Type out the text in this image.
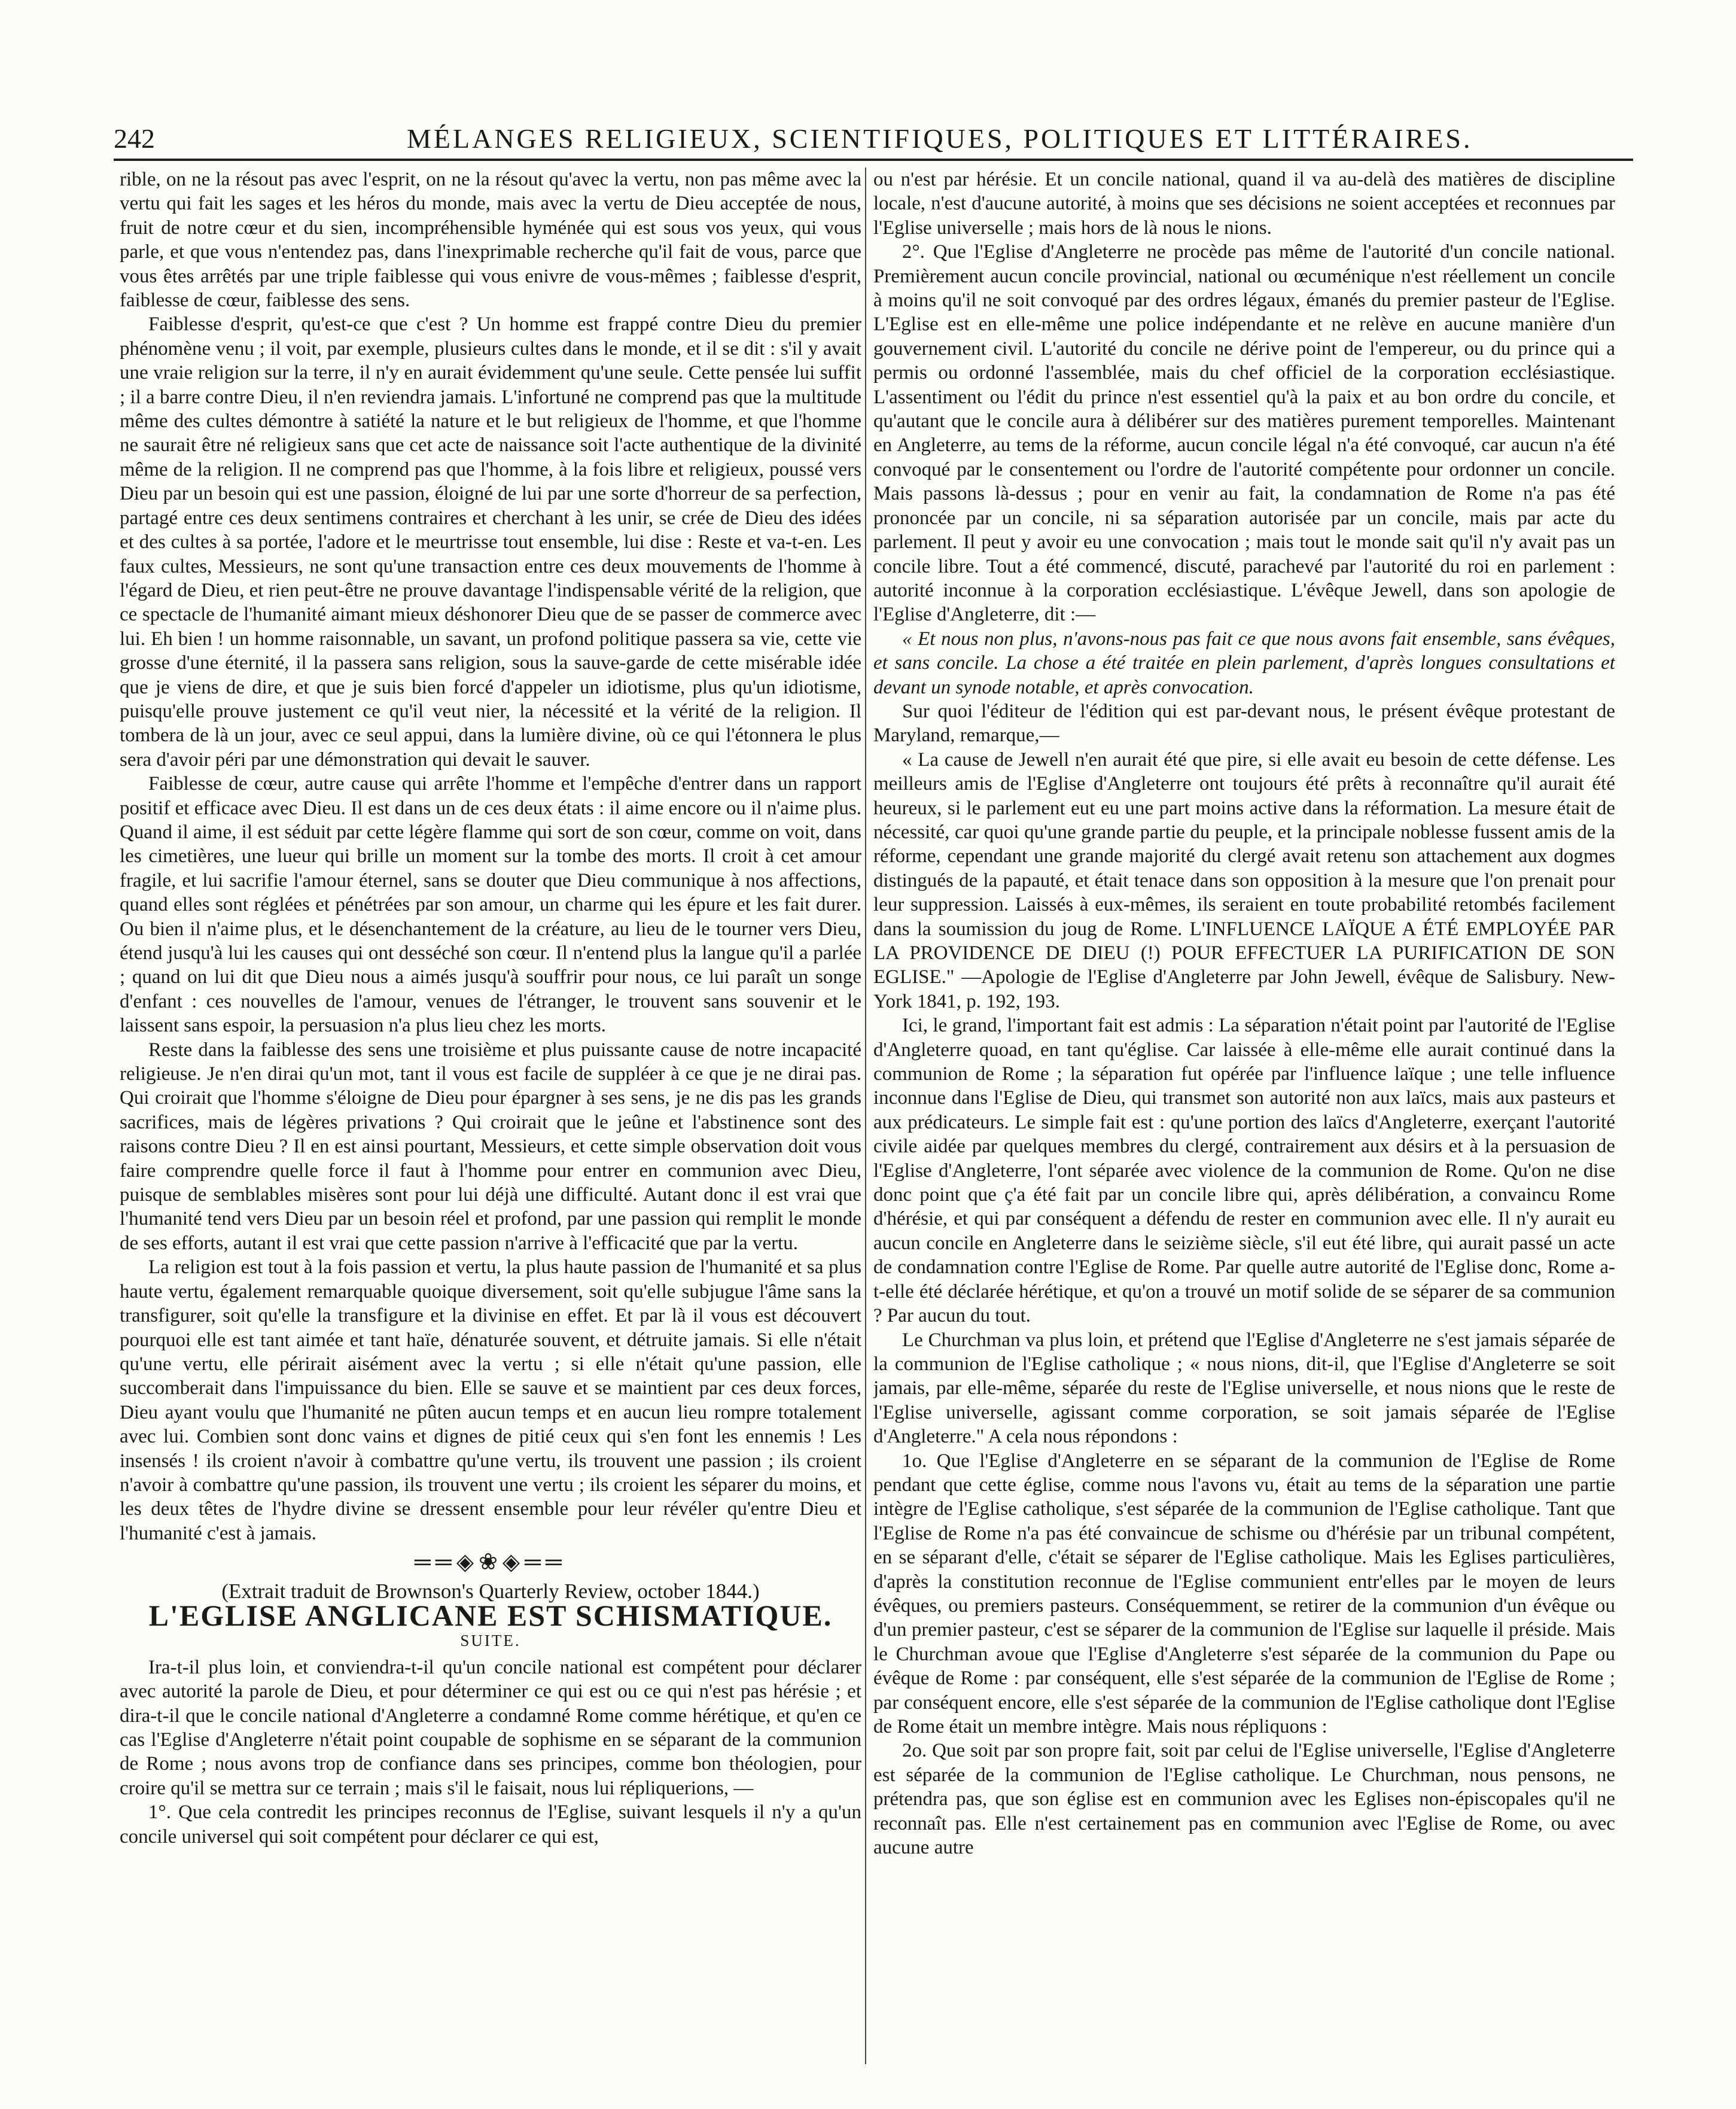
242	MÉLANGES RELIGIEUX, SCIENTIFIQUES, POLITIQUES ET LITTÉRAIRES.

rible, on ne la résout pas avec l'esprit, on ne la résout qu'avec la vertu, non pas même avec la vertu qui fait les sages et les héros du monde, mais avec la vertu de Dieu acceptée de nous, fruit de notre cœur et du sien, incompréhensible hyménée qui est sous vos yeux, qui vous parle, et que vous n'entendez pas, dans l'inexprimable recherche qu'il fait de vous, parce que vous êtes arrêtés par une triple faiblesse qui vous enivre de vous-mêmes ; faiblesse d'esprit, faiblesse de cœur, faiblesse des sens.

Faiblesse d'esprit, qu'est-ce que c'est ? Un homme est frappé contre Dieu du premier phénomène venu ; il voit, par exemple, plusieurs cultes dans le monde, et il se dit : s'il y avait une vraie religion sur la terre, il n'y en aurait évidemment qu'une seule. Cette pensée lui suffit ; il a barre contre Dieu, il n'en reviendra jamais. L'infortuné ne comprend pas que la multitude même des cultes démontre à satiété la nature et le but religieux de l'homme, et que l'homme ne saurait être né religieux sans que cet acte de naissance soit l'acte authentique de la divinité même de la religion. Il ne comprend pas que l'homme, à la fois libre et religieux, poussé vers Dieu par un besoin qui est une passion, éloigné de lui par une sorte d'horreur de sa perfection, partagé entre ces deux sentimens contraires et cherchant à les unir, se crée de Dieu des idées et des cultes à sa portée, l'adore et le meurtrisse tout ensemble, lui dise : Reste et va-t-en. Les faux cultes, Messieurs, ne sont qu'une transaction entre ces deux mouvements de l'homme à l'égard de Dieu, et rien peut-être ne prouve davantage l'indispensable vérité de la religion, que ce spectacle de l'humanité aimant mieux déshonorer Dieu que de se passer de commerce avec lui. Eh bien ! un homme raisonnable, un savant, un profond politique passera sa vie, cette vie grosse d'une éternité, il la passera sans religion, sous la sauve-garde de cette misérable idée que je viens de dire, et que je suis bien forcé d'appeler un idiotisme, plus qu'un idiotisme, puisqu'elle prouve justement ce qu'il veut nier, la nécessité et la vérité de la religion. Il tombera de là un jour, avec ce seul appui, dans la lumière divine, où ce qui l'étonnera le plus sera d'avoir péri par une démonstration qui devait le sauver.

Faiblesse de cœur, autre cause qui arrête l'homme et l'empêche d'entrer dans un rapport positif et efficace avec Dieu. Il est dans un de ces deux états : il aime encore ou il n'aime plus. Quand il aime, il est séduit par cette légère flamme qui sort de son cœur, comme on voit, dans les cimetières, une lueur qui brille un moment sur la tombe des morts. Il croit à cet amour fragile, et lui sacrifie l'amour éternel, sans se douter que Dieu communique à nos affections, quand elles sont réglées et pénétrées par son amour, un charme qui les épure et les fait durer. Ou bien il n'aime plus, et le désenchantement de la créature, au lieu de le tourner vers Dieu, étend jusqu'à lui les causes qui ont desséché son cœur. Il n'entend plus la langue qu'il a parlée ; quand on lui dit que Dieu nous a aimés jusqu'à souffrir pour nous, ce lui paraît un songe d'enfant : ces nouvelles de l'amour, venues de l'étranger, le trouvent sans souvenir et le laissent sans espoir, la persuasion n'a plus lieu chez les morts.

Reste dans la faiblesse des sens une troisième et plus puissante cause de notre incapacité religieuse. Je n'en dirai qu'un mot, tant il vous est facile de suppléer à ce que je ne dirai pas. Qui croirait que l'homme s'éloigne de Dieu pour épargner à ses sens, je ne dis pas les grands sacrifices, mais de légères privations ? Qui croirait que le jeûne et l'abstinence sont des raisons contre Dieu ? Il en est ainsi pourtant, Messieurs, et cette simple observation doit vous faire comprendre quelle force il faut à l'homme pour entrer en communion avec Dieu, puisque de semblables misères sont pour lui déjà une difficulté. Autant donc il est vrai que l'humanité tend vers Dieu par un besoin réel et profond, par une passion qui remplit le monde de ses efforts, autant il est vrai que cette passion n'arrive à l'efficacité que par la vertu.

La religion est tout à la fois passion et vertu, la plus haute passion de l'humanité et sa plus haute vertu, également remarquable quoique diversement, soit qu'elle subjugue l'âme sans la transfigurer, soit qu'elle la transfigure et la divinise en effet. Et par là il vous est découvert pourquoi elle est tant aimée et tant haïe, dénaturée souvent, et détruite jamais. Si elle n'était qu'une vertu, elle périrait aisément avec la vertu ; si elle n'était qu'une passion, elle succomberait dans l'impuissance du bien. Elle se sauve et se maintient par ces deux forces, Dieu ayant voulu que l'humanité ne pûten aucun temps et en aucun lieu rompre totalement avec lui. Combien sont donc vains et dignes de pitié ceux qui s'en font les ennemis ! Les insensés ! ils croient n'avoir à combattre qu'une vertu, ils trouvent une passion ; ils croient n'avoir à combattre qu'une passion, ils trouvent une vertu ; ils croient les séparer du moins, et les deux têtes de l'hydre divine se dressent ensemble pour leur révéler qu'entre Dieu et l'humanité c'est à jamais.

══◈❀◈══
(Extrait traduit de Brownson's Quarterly Review, october 1844.)
L'EGLISE ANGLICANE EST SCHISMATIQUE.
SUITE.

Ira-t-il plus loin, et conviendra-t-il qu'un concile national est compétent pour déclarer avec autorité la parole de Dieu, et pour déterminer ce qui est ou ce qui n'est pas hérésie ; et dira-t-il que le concile national d'Angleterre a condamné Rome comme hérétique, et qu'en ce cas l'Eglise d'Angleterre n'était point coupable de sophisme en se séparant de la communion de Rome ; nous avons trop de confiance dans ses principes, comme bon théologien, pour croire qu'il se mettra sur ce terrain ; mais s'il le faisait, nous lui répliquerions, —

1°. Que cela contredit les principes reconnus de l'Eglise, suivant lesquels il n'y a qu'un concile universel qui soit compétent pour déclarer ce qui est,

ou n'est par hérésie. Et un concile national, quand il va au-delà des matières de discipline locale, n'est d'aucune autorité, à moins que ses décisions ne soient acceptées et reconnues par l'Eglise universelle ; mais hors de là nous le nions.

2°. Que l'Eglise d'Angleterre ne procède pas même de l'autorité d'un concile national. Premièrement aucun concile provincial, national ou œcuménique n'est réellement un concile à moins qu'il ne soit convoqué par des ordres légaux, émanés du premier pasteur de l'Eglise. L'Eglise est en elle-même une police indépendante et ne relève en aucune manière d'un gouvernement civil. L'autorité du concile ne dérive point de l'empereur, ou du prince qui a permis ou ordonné l'assemblée, mais du chef officiel de la corporation ecclésiastique. L'assentiment ou l'édit du prince n'est essentiel qu'à la paix et au bon ordre du concile, et qu'autant que le concile aura à délibérer sur des matières purement temporelles. Maintenant en Angleterre, au tems de la réforme, aucun concile légal n'a été convoqué, car aucun n'a été convoqué par le consentement ou l'ordre de l'autorité compétente pour ordonner un concile. Mais passons là-dessus ; pour en venir au fait, la condamnation de Rome n'a pas été prononcée par un concile, ni sa séparation autorisée par un concile, mais par acte du parlement. Il peut y avoir eu une convocation ; mais tout le monde sait qu'il n'y avait pas un concile libre. Tout a été commencé, discuté, parachevé par l'autorité du roi en parlement : autorité inconnue à la corporation ecclésiastique. L'évêque Jewell, dans son apologie de l'Eglise d'Angleterre, dit :—

« Et nous non plus, n'avons-nous pas fait ce que nous avons fait ensemble, sans évêques, et sans concile. La chose a été traitée en plein parlement, d'après longues consultations et devant un synode notable, et après convocation.

Sur quoi l'éditeur de l'édition qui est par-devant nous, le présent évêque protestant de Maryland, remarque,—

« La cause de Jewell n'en aurait été que pire, si elle avait eu besoin de cette défense. Les meilleurs amis de l'Eglise d'Angleterre ont toujours été prêts à reconnaître qu'il aurait été heureux, si le parlement eut eu une part moins active dans la réformation. La mesure était de nécessité, car quoi qu'une grande partie du peuple, et la principale noblesse fussent amis de la réforme, cependant une grande majorité du clergé avait retenu son attachement aux dogmes distingués de la papauté, et était tenace dans son opposition à la mesure que l'on prenait pour leur suppression. Laissés à eux-mêmes, ils seraient en toute probabilité retombés facilement dans la soumission du joug de Rome. L'INFLUENCE LAÏQUE A ÉTÉ EMPLOYÉE PAR LA PROVIDENCE DE DIEU (!) POUR EFFECTUER LA PURIFICATION DE SON EGLISE." —Apologie de l'Eglise d'Angleterre par John Jewell, évêque de Salisbury. New-York 1841, p. 192, 193.

Ici, le grand, l'important fait est admis : La séparation n'était point par l'autorité de l'Eglise d'Angleterre quoad, en tant qu'église. Car laissée à elle-même elle aurait continué dans la communion de Rome ; la séparation fut opérée par l'influence laïque ; une telle influence inconnue dans l'Eglise de Dieu, qui transmet son autorité non aux laïcs, mais aux pasteurs et aux prédicateurs. Le simple fait est : qu'une portion des laïcs d'Angleterre, exerçant l'autorité civile aidée par quelques membres du clergé, contrairement aux désirs et à la persuasion de l'Eglise d'Angleterre, l'ont séparée avec violence de la communion de Rome. Qu'on ne dise donc point que ç'a été fait par un concile libre qui, après délibération, a convaincu Rome d'hérésie, et qui par conséquent a défendu de rester en communion avec elle. Il n'y aurait eu aucun concile en Angleterre dans le seizième siècle, s'il eut été libre, qui aurait passé un acte de condamnation contre l'Eglise de Rome. Par quelle autre autorité de l'Eglise donc, Rome a-t-elle été déclarée hérétique, et qu'on a trouvé un motif solide de se séparer de sa communion ? Par aucun du tout.

Le Churchman va plus loin, et prétend que l'Eglise d'Angleterre ne s'est jamais séparée de la communion de l'Eglise catholique ; « nous nions, dit-il, que l'Eglise d'Angleterre se soit jamais, par elle-même, séparée du reste de l'Eglise universelle, et nous nions que le reste de l'Eglise universelle, agissant comme corporation, se soit jamais séparée de l'Eglise d'Angleterre." A cela nous répondons :

1o. Que l'Eglise d'Angleterre en se séparant de la communion de l'Eglise de Rome pendant que cette église, comme nous l'avons vu, était au tems de la séparation une partie intègre de l'Eglise catholique, s'est séparée de la communion de l'Eglise catholique. Tant que l'Eglise de Rome n'a pas été convaincue de schisme ou d'hérésie par un tribunal compétent, en se séparant d'elle, c'était se séparer de l'Eglise catholique. Mais les Eglises particulières, d'après la constitution reconnue de l'Eglise communient entr'elles par le moyen de leurs évêques, ou premiers pasteurs. Conséquemment, se retirer de la communion d'un évêque ou d'un premier pasteur, c'est se séparer de la communion de l'Eglise sur laquelle il préside. Mais le Churchman avoue que l'Eglise d'Angleterre s'est séparée de la communion du Pape ou évêque de Rome : par conséquent, elle s'est séparée de la communion de l'Eglise de Rome ; par conséquent encore, elle s'est séparée de la communion de l'Eglise catholique dont l'Eglise de Rome était un membre intègre. Mais nous répliquons :

2o. Que soit par son propre fait, soit par celui de l'Eglise universelle, l'Eglise d'Angleterre est séparée de la communion de l'Eglise catholique. Le Churchman, nous pensons, ne prétendra pas, que son église est en communion avec les Eglises non-épiscopales qu'il ne reconnaît pas. Elle n'est certainement pas en communion avec l'Eglise de Rome, ou avec aucune autre
